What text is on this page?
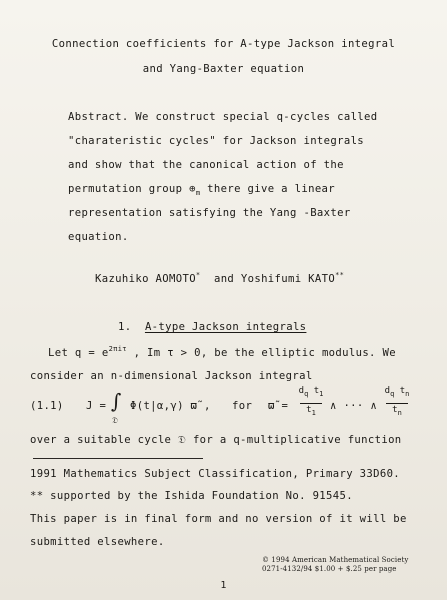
Connection coefficients for A-type Jackson integral
and Yang-Baxter equation
Abstract. We construct special q-cycles called
"charateristic cycles" for Jackson integrals
and show that the canonical action of the
permutation group $\oplus_m$ there give a linear
representation satisfying the Yang -Baxter
equation.
Kazuhiko AOMOTO* and Yoshifumi KATO**
1. A-type Jackson integrals
Let $q = e^{2\pi i\tau}$ , Im τ > 0, be the elliptic modulus. We
consider an n-dimensional Jackson integral
(1.1) J = ∫
𝔇
Φ(t|α,γ) ϖ̃ , for ϖ̃ =
$d_q$ $t_1$
$t_1$
∧ ··· ∧
$d_q$ $t_n$
$t_n$
over a suitable cycle 𝔇 for a q-multiplicative function
1991 Mathematics Subject Classification, Primary 33D60.
** supported by the Ishida Foundation No. 91545.
This paper is in final form and no version of it will be
submitted elsewhere.
© 1994 American Mathematical Society
0271-4132/94 $1.00 + $.25 per page
1
